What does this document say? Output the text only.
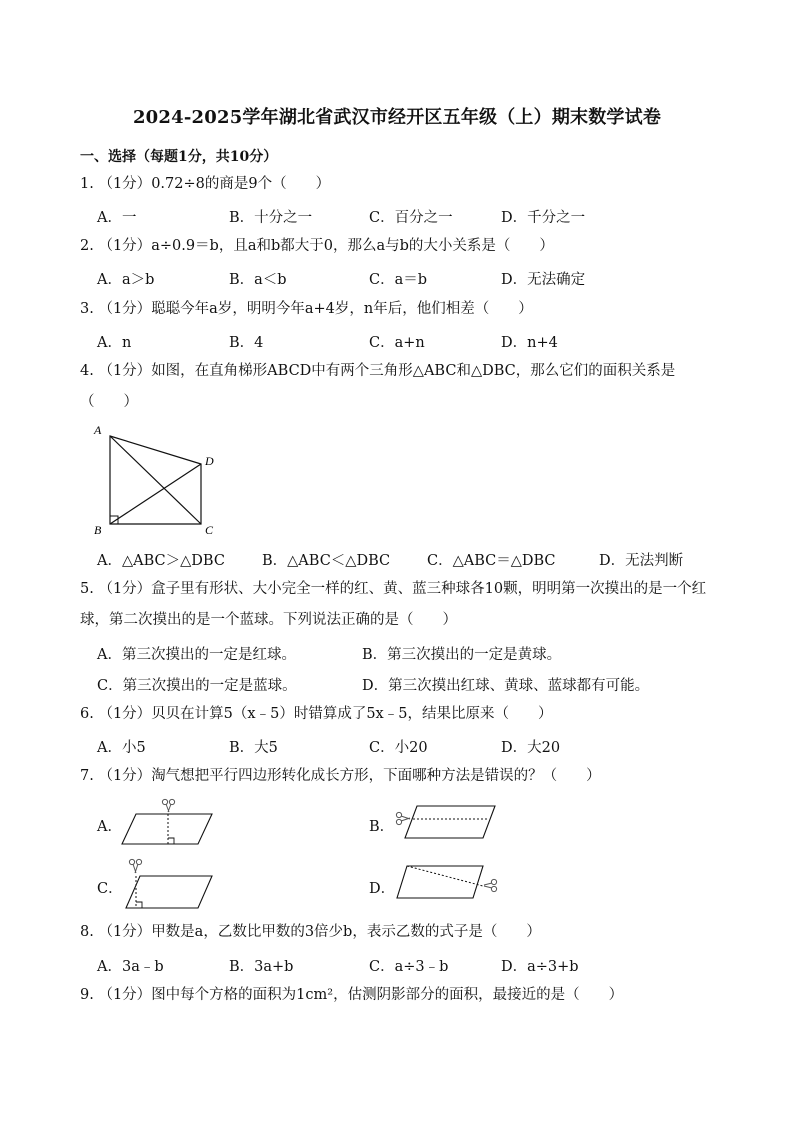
2024-2025学年湖北省武汉市经开区五年级（上）期末数学试卷
一、选择（每题1分，共10分）
1. （1分）0.72÷8的商是9个（　　）
A．一	B．十分之一	C．百分之一	D．千分之一
2. （1分）a÷0.9＝b，且a和b都大于0，那么a与b的大小关系是（　　）
A．a＞b	B．a＜b	C．a＝b	D．无法确定
3. （1分）聪聪今年a岁，明明今年a+4岁，n年后，他们相差（　　）
A．n	B．4	C．a+n	D．n+4
4. （1分）如图，在直角梯形ABCD中有两个三角形△ABC和△DBC，那么它们的面积关系是（　　）
A
D
B	C
A．△ABC＞△DBC	B．△ABC＜△DBC	C．△ABC＝△DBC	D．无法判断
5. （1分）盒子里有形状、大小完全一样的红、黄、蓝三种球各10颗，明明第一次摸出的是一个红球，第二次摸出的是一个蓝球。下列说法正确的是（　　）
A．第三次摸出的一定是红球。	B．第三次摸出的一定是黄球。
C．第三次摸出的一定是蓝球。	D．第三次摸出红球、黄球、蓝球都有可能。
6. （1分）贝贝在计算5（x﹣5）时错算成了5x﹣5，结果比原来（　　）
A．小5	B．大5	C．小20	D．大20
7. （1分）淘气想把平行四边形转化成长方形，下面哪种方法是错误的？（　　）
A．	B．
C．	D．
8. （1分）甲数是a，乙数比甲数的3倍少b，表示乙数的式子是（　　）
A．3a﹣b	B．3a+b	C．a÷3﹣b	D．a÷3+b
9. （1分）图中每个方格的面积为1cm²，估测阴影部分的面积，最接近的是（　　）
